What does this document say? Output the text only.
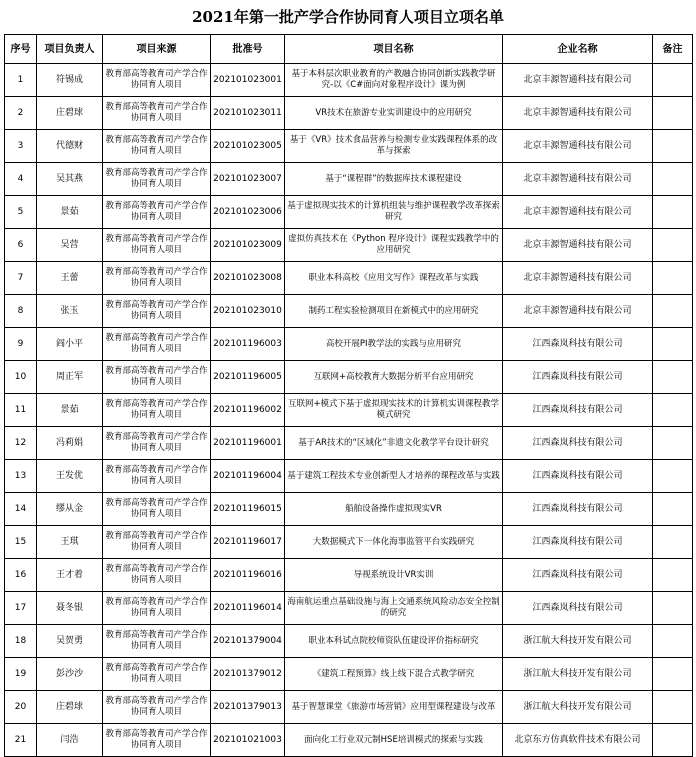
2021年第一批产学合作协同育人项目立项名单
序号	项目负责人	项目来源	批准号	项目名称	企业名称	备注
1	符锡成	教育部高等教育司产学合作协同育人项目	202101023001	基于本科层次职业教育的产教融合协同创新实践教学研究-以《C#面向对象程序设计》课为例	北京丰源智通科技有限公司	
2	庄碧球	教育部高等教育司产学合作协同育人项目	202101023011	VR技术在旅游专业实训建设中的应用研究	北京丰源智通科技有限公司	
3	代德财	教育部高等教育司产学合作协同育人项目	202101023005	基于《VR》技术食品营养与检测专业实践课程体系的改革与探索	北京丰源智通科技有限公司	
4	吴其燕	教育部高等教育司产学合作协同育人项目	202101023007	基于“课程群”的数据库技术课程建设	北京丰源智通科技有限公司	
5	景茹	教育部高等教育司产学合作协同育人项目	202101023006	基于虚拟现实技术的计算机组装与维护课程教学改革探索研究	北京丰源智通科技有限公司	
6	吴营	教育部高等教育司产学合作协同育人项目	202101023009	虚拟仿真技术在《Python 程序设计》课程实践教学中的应用研究	北京丰源智通科技有限公司	
7	王蕾	教育部高等教育司产学合作协同育人项目	202101023008	职业本科高校《应用文写作》课程改革与实践	北京丰源智通科技有限公司	
8	张玉	教育部高等教育司产学合作协同育人项目	202101023010	制药工程实验检测项目在新模式中的应用研究	北京丰源智通科技有限公司	
9	阎小平	教育部高等教育司产学合作协同育人项目	202101196003	高校开展PI教学法的实践与应用研究	江西森岚科技有限公司	
10	周正军	教育部高等教育司产学合作协同育人项目	202101196005	互联网+高校教育大数据分析平台应用研究	江西森岚科技有限公司	
11	景茹	教育部高等教育司产学合作协同育人项目	202101196002	互联网+模式下基于虚拟现实技术的计算机实训课程教学模式研究	江西森岚科技有限公司	
12	冯莉娟	教育部高等教育司产学合作协同育人项目	202101196001	基于AR技术的“区域化”非遗文化教学平台设计研究	江西森岚科技有限公司	
13	王发优	教育部高等教育司产学合作协同育人项目	202101196004	基于建筑工程技术专业创新型人才培养的课程改革与实践	江西森岚科技有限公司	
14	缪从金	教育部高等教育司产学合作协同育人项目	202101196015	船舶设备操作虚拟现实VR	江西森岚科技有限公司	
15	王琪	教育部高等教育司产学合作协同育人项目	202101196017	大数据模式下一体化海事监管平台实践研究	江西森岚科技有限公司	
16	王才着	教育部高等教育司产学合作协同育人项目	202101196016	导视系统设计VR实训	江西森岚科技有限公司	
17	聂冬银	教育部高等教育司产学合作协同育人项目	202101196014	海南航运重点基础设施与海上交通系统风险动态安全控制的研究	江西森岚科技有限公司	
18	吴贺勇	教育部高等教育司产学合作协同育人项目	202101379004	职业本科试点院校师资队伍建设评价指标研究	浙江航大科技开发有限公司	
19	彭沙沙	教育部高等教育司产学合作协同育人项目	202101379012	《建筑工程预算》线上线下混合式教学研究	浙江航大科技开发有限公司	
20	庄碧球	教育部高等教育司产学合作协同育人项目	202101379013	基于智慧课堂《旅游市场营销》应用型课程建设与改革	浙江航大科技开发有限公司	
21	闫浩	教育部高等教育司产学合作协同育人项目	202101021003	面向化工行业双元制HSE培训模式的探索与实践	北京东方仿真软件技术有限公司	
